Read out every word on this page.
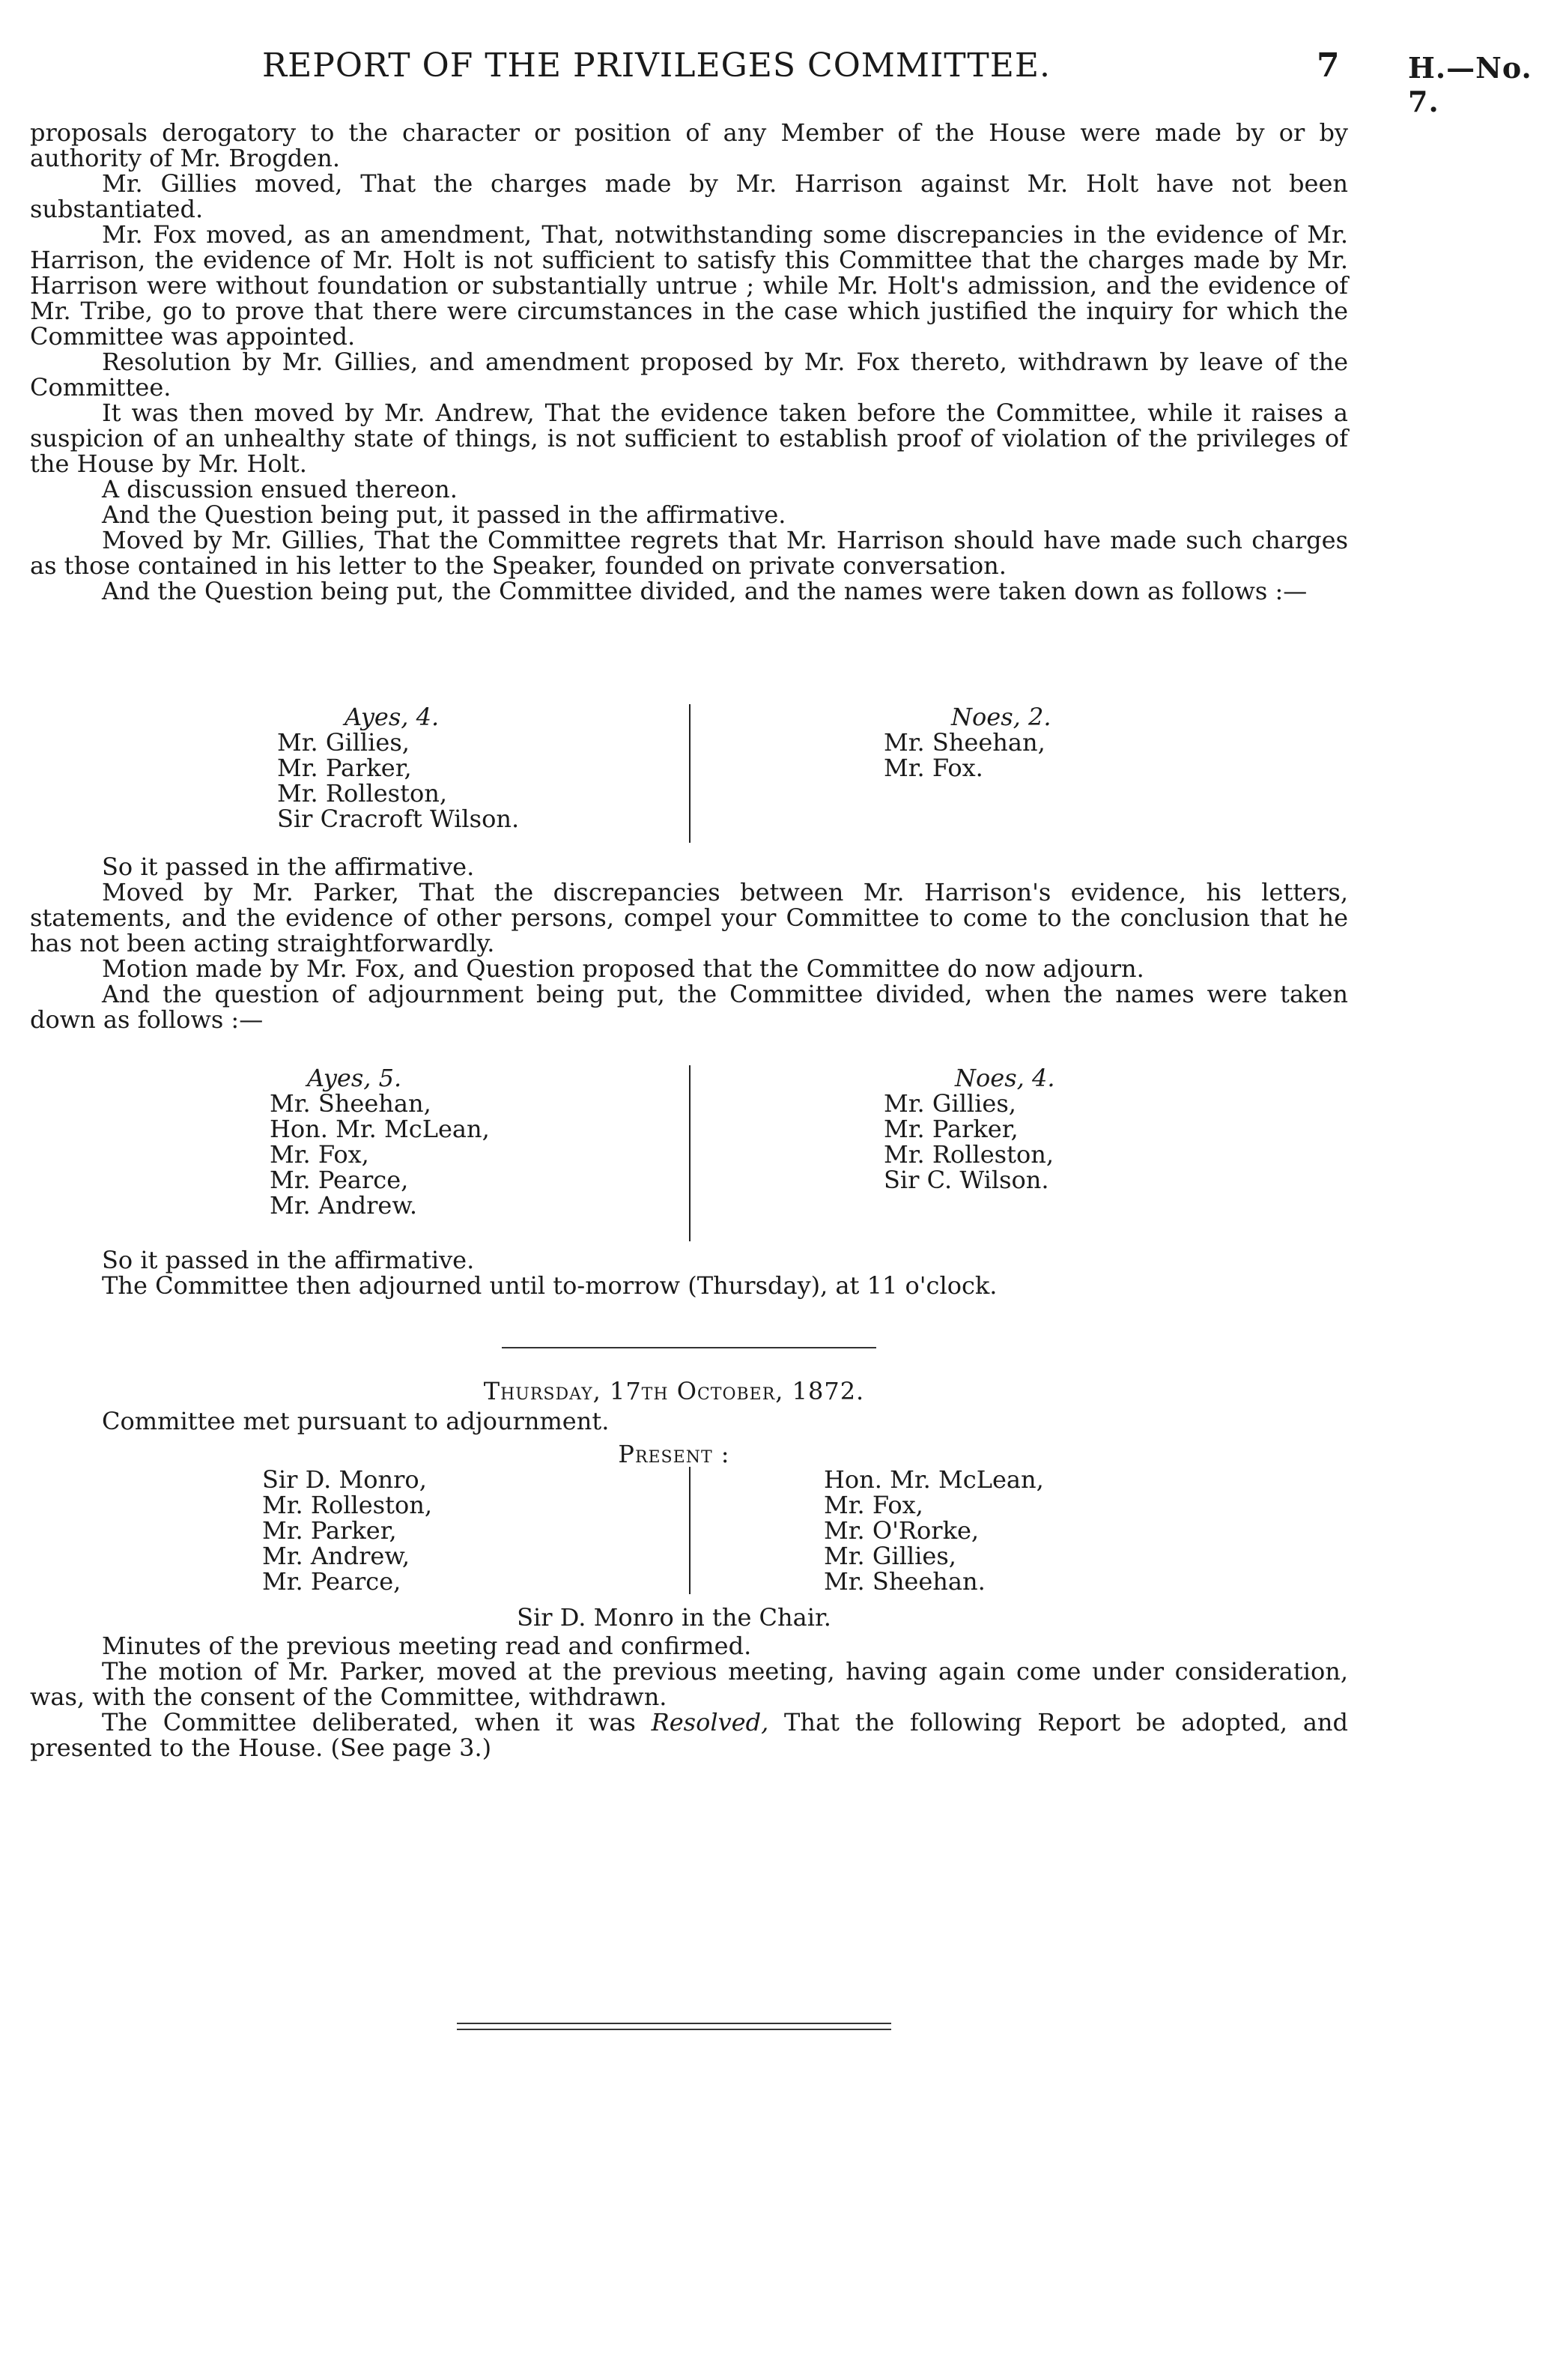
REPORT OF THE PRIVILEGES COMMITTEE.	7 H.—No. 7.

proposals derogatory to the character or position of any Member of the House were made by or by authority of Mr. Brogden.

Mr. Gillies moved, That the charges made by Mr. Harrison against Mr. Holt have not been substantiated.

Mr. Fox moved, as an amendment, That, notwithstanding some discrepancies in the evidence of Mr. Harrison, the evidence of Mr. Holt is not sufficient to satisfy this Committee that the charges made by Mr. Harrison were without foundation or substantially untrue ; while Mr. Holt's admission, and the evidence of Mr. Tribe, go to prove that there were circumstances in the case which justified the inquiry for which the Committee was appointed.

Resolution by Mr. Gillies, and amendment proposed by Mr. Fox thereto, withdrawn by leave of the Committee.

It was then moved by Mr. Andrew, That the evidence taken before the Committee, while it raises a suspicion of an unhealthy state of things, is not sufficient to establish proof of violation of the privileges of the House by Mr. Holt.

A discussion ensued thereon.

And the Question being put, it passed in the affirmative.

Moved by Mr. Gillies, That the Committee regrets that Mr. Harrison should have made such charges as those contained in his letter to the Speaker, founded on private conversation.

And the Question being put, the Committee divided, and the names were taken down as follows :—

Ayes, 4.
Mr. Gillies,
Mr. Parker,
Mr. Rolleston,
Sir Cracroft Wilson.
Noes, 2.
Mr. Sheehan,
Mr. Fox.

So it passed in the affirmative.

Moved by Mr. Parker, That the discrepancies between Mr. Harrison's evidence, his letters, statements, and the evidence of other persons, compel your Committee to come to the conclusion that he has not been acting straightforwardly.

Motion made by Mr. Fox, and Question proposed that the Committee do now adjourn.

And the question of adjournment being put, the Committee divided, when the names were taken down as follows :—

Ayes, 5.
Mr. Sheehan,
Hon. Mr. McLean,
Mr. Fox,
Mr. Pearce,
Mr. Andrew.
Noes, 4.
Mr. Gillies,
Mr. Parker,
Mr. Rolleston,
Sir C. Wilson.

So it passed in the affirmative.

The Committee then adjourned until to-morrow (Thursday), at 11 o'clock.

Thursday, 17th October, 1872.

Committee met pursuant to adjournment.

Present :
Sir D. Monro,
Mr. Rolleston,
Mr. Parker,
Mr. Andrew,
Mr. Pearce,
Hon. Mr. McLean,
Mr. Fox,
Mr. O'Rorke,
Mr. Gillies,
Mr. Sheehan.
Sir D. Monro in the Chair.

Minutes of the previous meeting read and confirmed.

The motion of Mr. Parker, moved at the previous meeting, having again come under consideration, was, with the consent of the Committee, withdrawn.

The Committee deliberated, when it was Resolved, That the following Report be adopted, and presented to the House. (See page 3.)
